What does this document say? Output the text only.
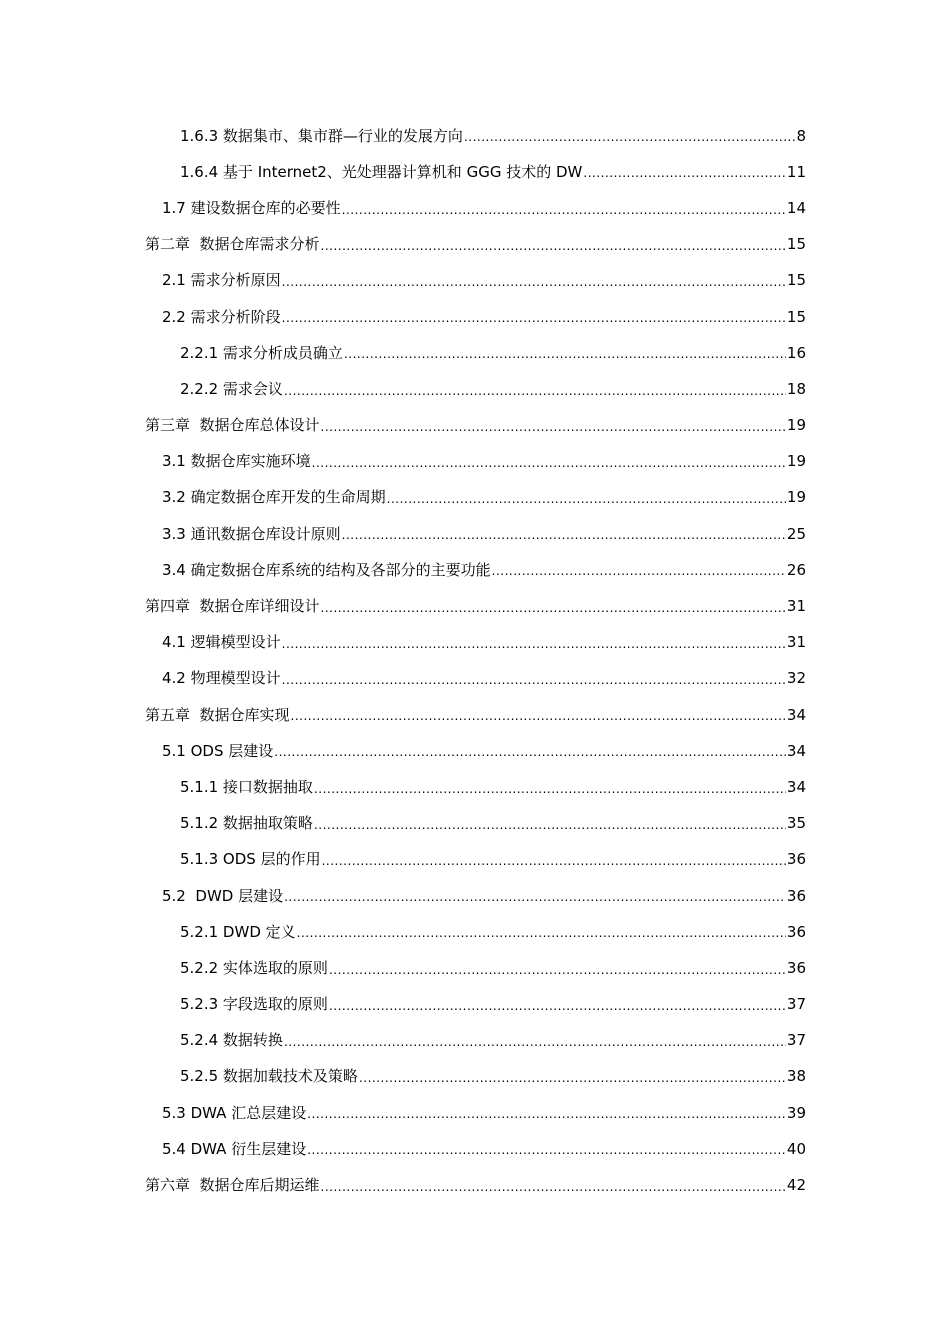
1.6.3 数据集市、集市群—行业的发展方向 .....	8
1.6.4 基于 Internet2、光处理器计算机和 GGG 技术的 DW .....	11
1.7 建设数据仓库的必要性 .....	14
第二章  数据仓库需求分析 .....	15
2.1 需求分析原因 .....	15
2.2 需求分析阶段 .....	15
2.2.1 需求分析成员确立 .....	16
2.2.2 需求会议 .....	18
第三章  数据仓库总体设计 .....	19
3.1 数据仓库实施环境 .....	19
3.2 确定数据仓库开发的生命周期 .....	19
3.3 通讯数据仓库设计原则 .....	25
3.4 确定数据仓库系统的结构及各部分的主要功能 .....	26
第四章  数据仓库详细设计 .....	31
4.1 逻辑模型设计 .....	31
4.2 物理模型设计 .....	32
第五章  数据仓库实现 .....	34
5.1 ODS 层建设 .....	34
5.1.1 接口数据抽取 .....	34
5.1.2 数据抽取策略 .....	35
5.1.3 ODS 层的作用 .....	36
5.2  DWD 层建设 .....	36
5.2.1 DWD 定义 .....	36
5.2.2 实体选取的原则 .....	36
5.2.3 字段选取的原则 .....	37
5.2.4 数据转换 .....	37
5.2.5 数据加载技术及策略 .....	38
5.3 DWA 汇总层建设 .....	39
5.4 DWA 衍生层建设 .....	40
第六章  数据仓库后期运维 .....	42
